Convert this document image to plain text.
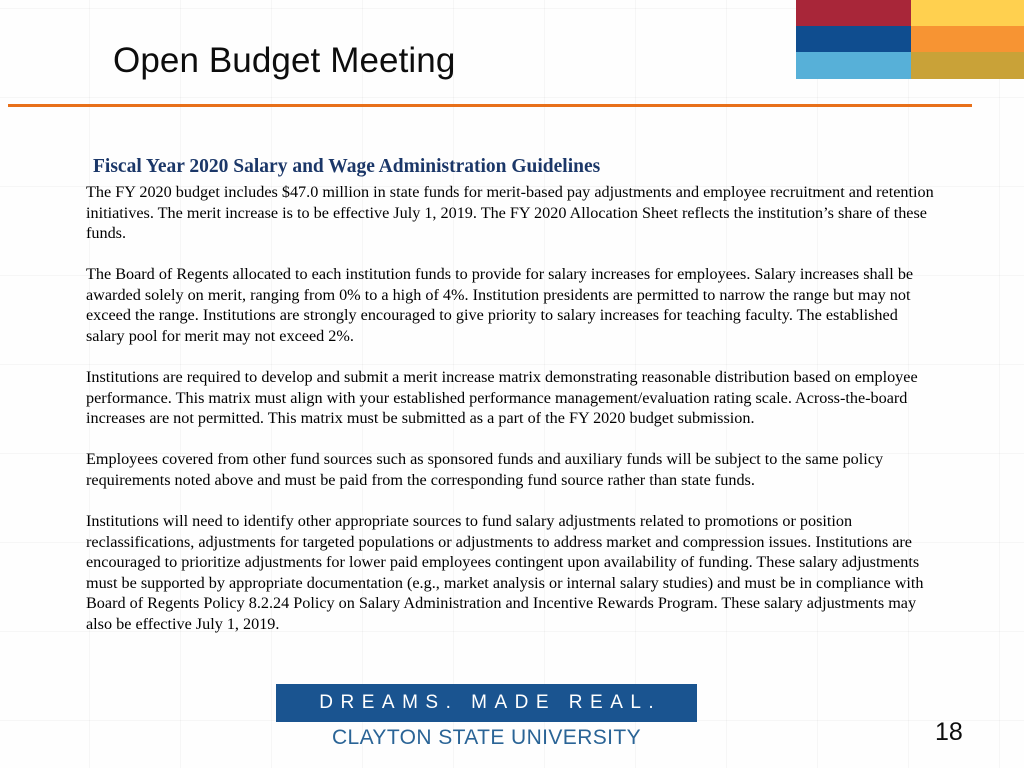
Open Budget Meeting
Fiscal Year 2020 Salary and Wage Administration Guidelines

The FY 2020 budget includes $47.0 million in state funds for merit-based pay adjustments and employee recruitment and retention initiatives. The merit increase is to be effective July 1, 2019. The FY 2020 Allocation Sheet reflects the institution’s share of these funds.

The Board of Regents allocated to each institution funds to provide for salary increases for employees. Salary increases shall be awarded solely on merit, ranging from 0% to a high of 4%. Institution presidents are permitted to narrow the range but may not exceed the range. Institutions are strongly encouraged to give priority to salary increases for teaching faculty. The established salary pool for merit may not exceed 2%.

Institutions are required to develop and submit a merit increase matrix demonstrating reasonable distribution based on employee performance. This matrix must align with your established performance management/evaluation rating scale. Across-the-board increases are not permitted. This matrix must be submitted as a part of the FY 2020 budget submission.

Employees covered from other fund sources such as sponsored funds and auxiliary funds will be subject to the same policy requirements noted above and must be paid from the corresponding fund source rather than state funds.

Institutions will need to identify other appropriate sources to fund salary adjustments related to promotions or position reclassifications, adjustments for targeted populations or adjustments to address market and compression issues. Institutions are encouraged to prioritize adjustments for lower paid employees contingent upon availability of funding. These salary adjustments must be supported by appropriate documentation (e.g., market analysis or internal salary studies) and must be in compliance with Board of Regents Policy 8.2.24 Policy on Salary Administration and Incentive Rewards Program. These salary adjustments may also be effective July 1, 2019.

DREAMS. MADE REAL.
CLAYTON STATE UNIVERSITY	18
